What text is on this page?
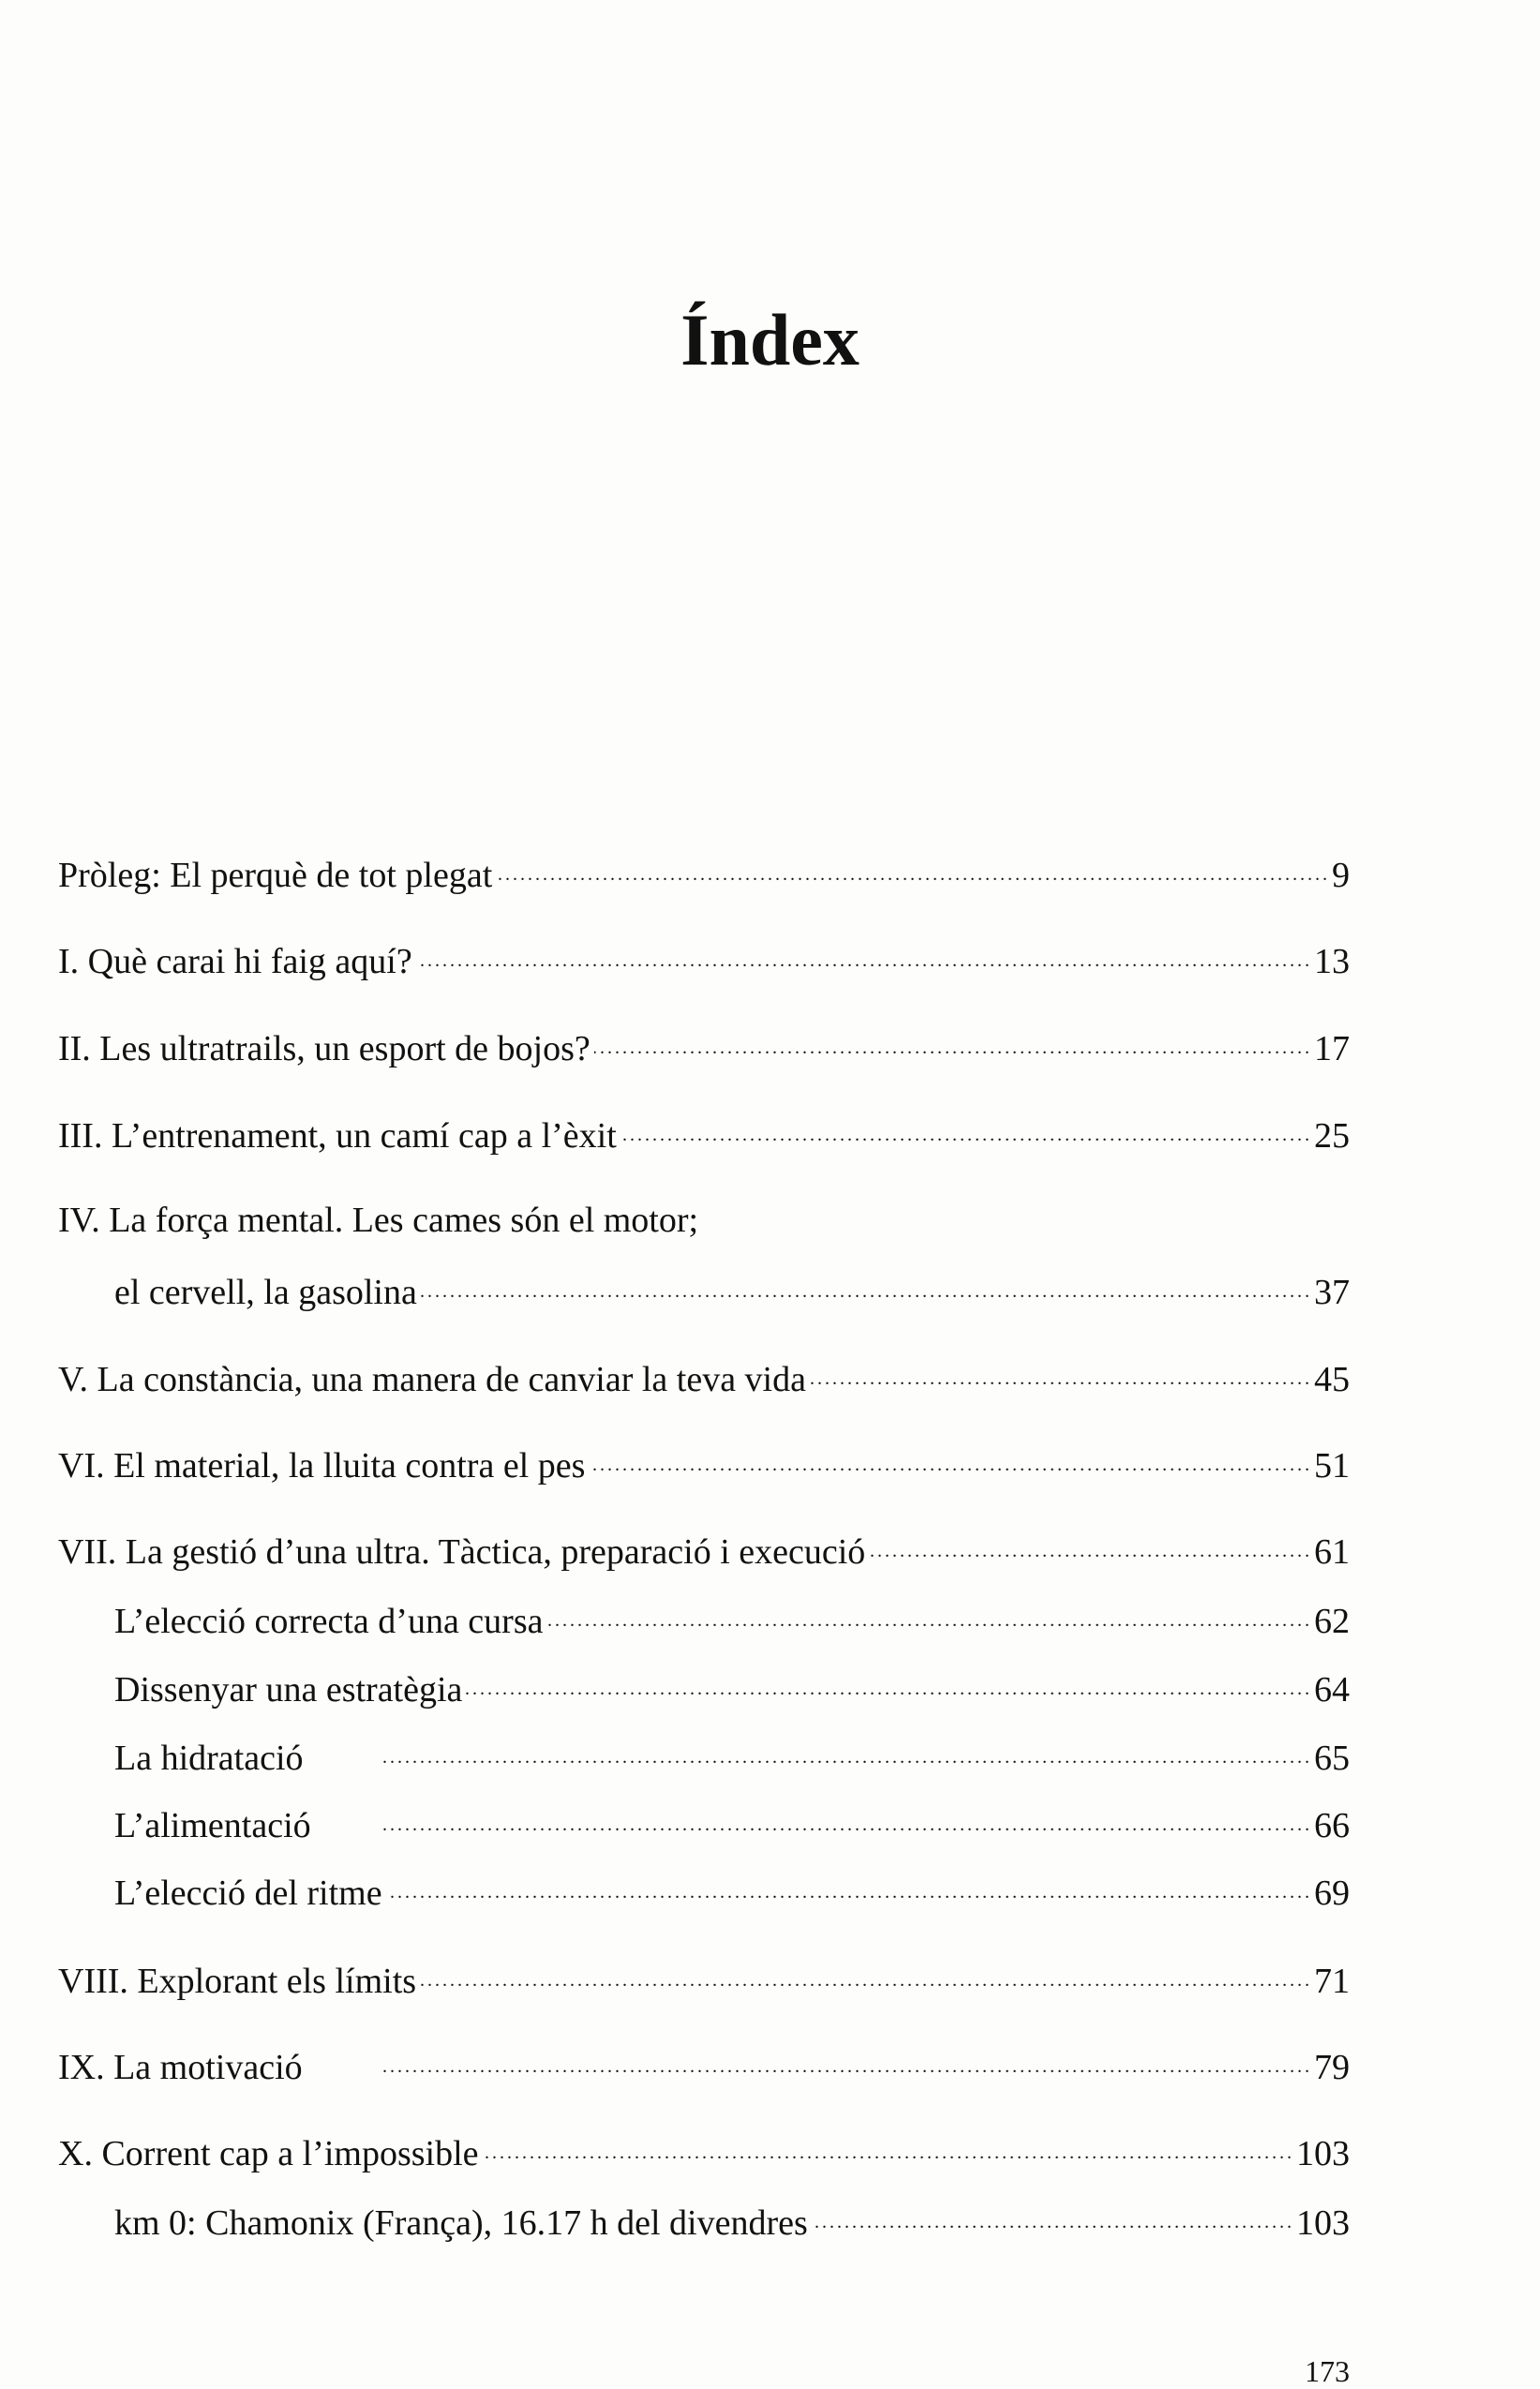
Índex
Pròleg: El perquè de tot plegat . . .	9
I. Què carai hi faig aquí? . . .	13
II. Les ultratrails, un esport de bojos? . . .	17
III. L’entrenament, un camí cap a l’èxit . . .	25
IV. La força mental. Les cames són el motor;
el cervell, la gasolina . . .	37
V. La constància, una manera de canviar la teva vida . . .	45
VI. El material, la lluita contra el pes . . .	51
VII. La gestió d’una ultra. Tàctica, preparació i execució . . .	61
L’elecció correcta d’una cursa . . .	62
Dissenyar una estratègia . . .	64
La hidratació . . .	65
L’alimentació . . .	66
L’elecció del ritme . . .	69
VIII. Explorant els límits . . .	71
IX. La motivació . . .	79
X. Corrent cap a l’impossible . . .	103
km 0: Chamonix (França), 16.17 h del divendres . . .	103
173
